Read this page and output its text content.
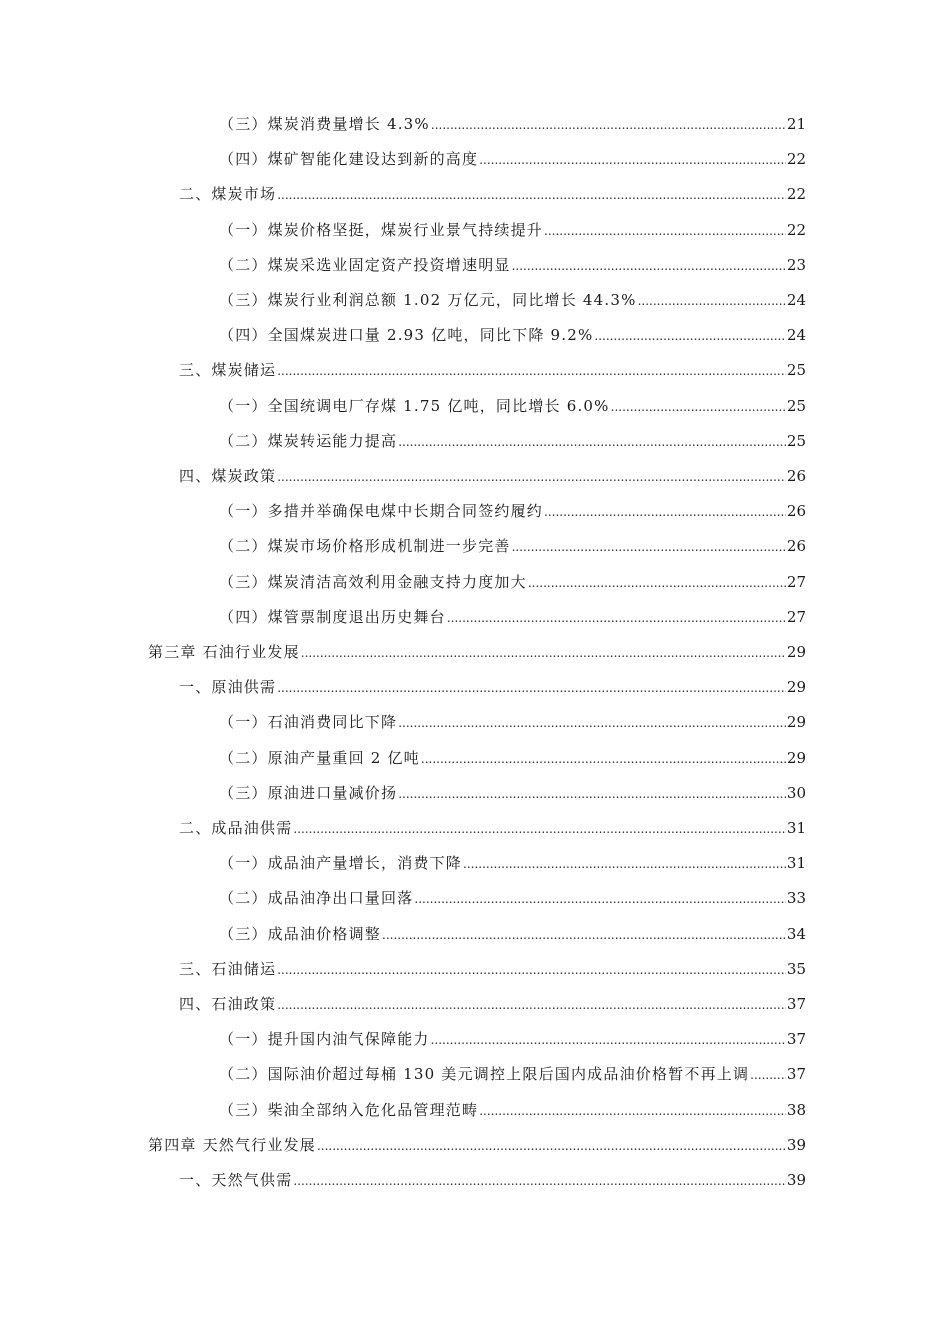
（三）煤炭消费量增长 4.3% .....	21
（四）煤矿智能化建设达到新的高度 .....	22
二、煤炭市场 .....	22
（一）煤炭价格坚挺，煤炭行业景气持续提升 .....	22
（二）煤炭采选业固定资产投资增速明显 .....	23
（三）煤炭行业利润总额 1.02 万亿元，同比增长 44.3% .....	24
（四）全国煤炭进口量 2.93 亿吨，同比下降 9.2% .....	24
三、煤炭储运 .....	25
（一）全国统调电厂存煤 1.75 亿吨，同比增长 6.0% .....	25
（二）煤炭转运能力提高 .....	25
四、煤炭政策 .....	26
（一）多措并举确保电煤中长期合同签约履约 .....	26
（二）煤炭市场价格形成机制进一步完善 .....	26
（三）煤炭清洁高效利用金融支持力度加大 .....	27
（四）煤管票制度退出历史舞台 .....	27
第三章 石油行业发展 .....	29
一、原油供需 .....	29
（一）石油消费同比下降 .....	29
（二）原油产量重回 2 亿吨 .....	29
（三）原油进口量减价扬 .....	30
二、成品油供需 .....	31
（一）成品油产量增长，消费下降 .....	31
（二）成品油净出口量回落 .....	33
（三）成品油价格调整 .....	34
三、石油储运 .....	35
四、石油政策 .....	37
（一）提升国内油气保障能力 .....	37
（二）国际油价超过每桶 130 美元调控上限后国内成品油价格暂不再上调 .....	37
（三）柴油全部纳入危化品管理范畴 .....	38
第四章 天然气行业发展 .....	39
一、天然气供需 .....	39
